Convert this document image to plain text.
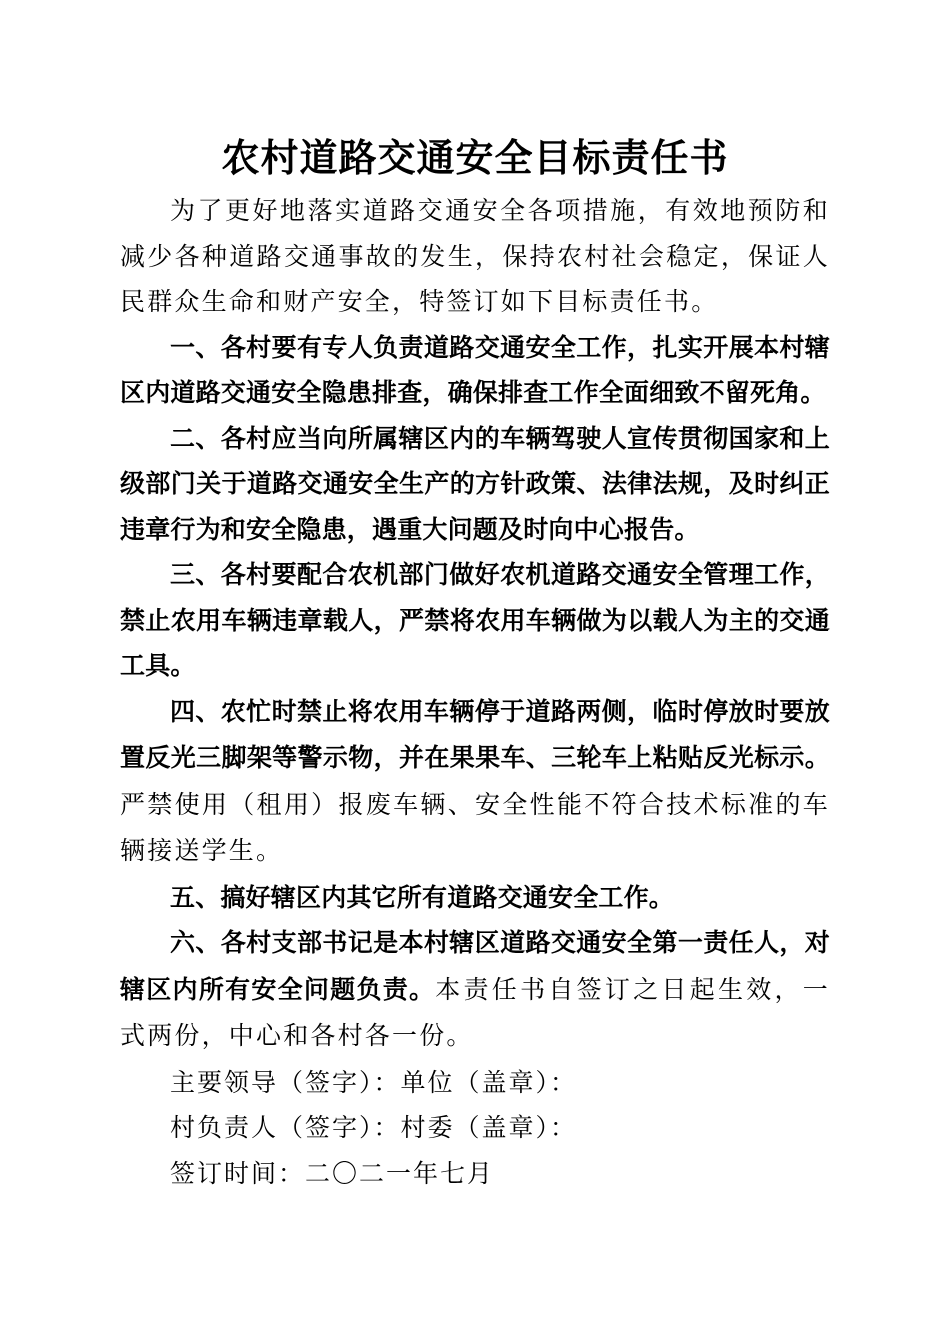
农村道路交通安全目标责任书

为了更好地落实道路交通安全各项措施，有效地预防和减少各种道路交通事故的发生，保持农村社会稳定，保证人民群众生命和财产安全，特签订如下目标责任书。

一、各村要有专人负责道路交通安全工作，扎实开展本村辖区内道路交通安全隐患排查，确保排查工作全面细致不留死角。

二、各村应当向所属辖区内的车辆驾驶人宣传贯彻国家和上级部门关于道路交通安全生产的方针政策、法律法规，及时纠正违章行为和安全隐患，遇重大问题及时向中心报告。

三、各村要配合农机部门做好农机道路交通安全管理工作，禁止农用车辆违章载人，严禁将农用车辆做为以载人为主的交通工具。

四、农忙时禁止将农用车辆停于道路两侧，临时停放时要放置反光三脚架等警示物，并在果果车、三轮车上粘贴反光标示。严禁使用（租用）报废车辆、安全性能不符合技术标准的车辆接送学生。

五、搞好辖区内其它所有道路交通安全工作。

六、各村支部书记是本村辖区道路交通安全第一责任人，对辖区内所有安全问题负责。本责任书自签订之日起生效，一式两份，中心和各村各一份。

主要领导（签字）：单位（盖章）：
村负责人（签字）：村委（盖章）：
签订时间：二〇二一年七月
